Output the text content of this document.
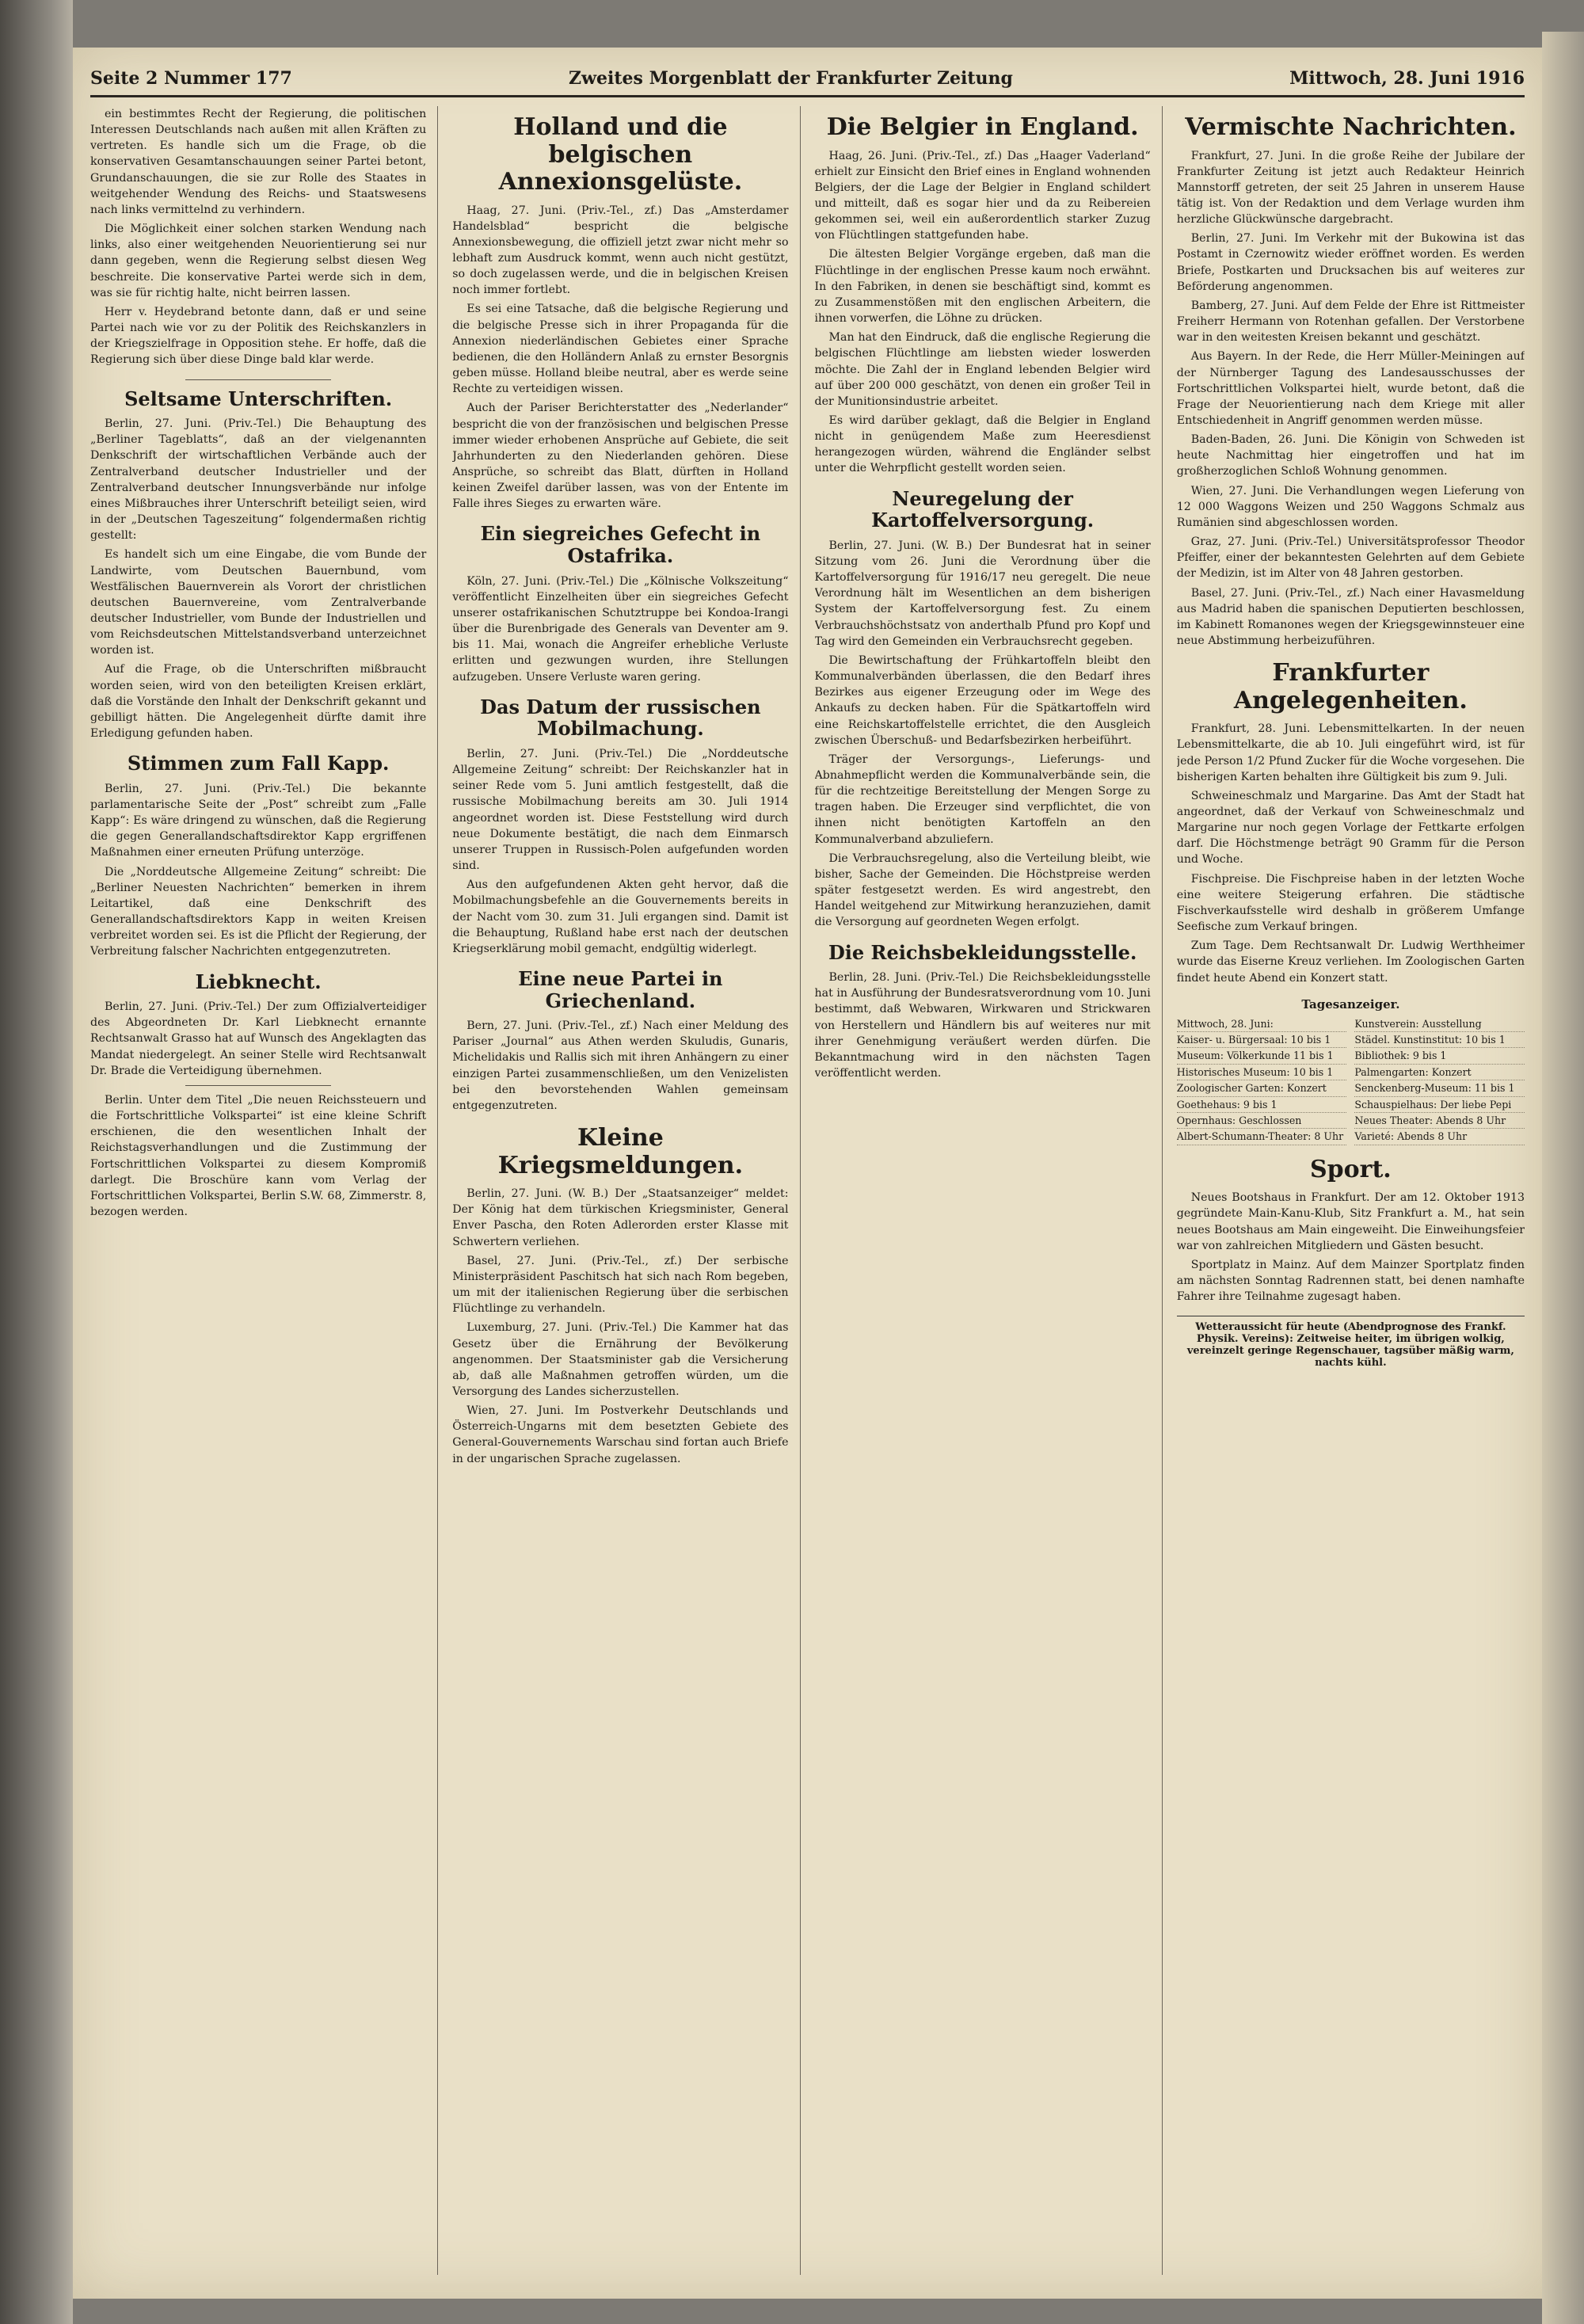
Seite 2 Nummer 177	Zweites Morgenblatt der Frankfurter Zeitung	Mittwoch, 28. Juni 1916

ein bestimmtes Recht der Regierung, die politischen Interessen Deutschlands nach außen mit allen Kräften zu vertreten. Es handle sich um die Frage, ob die konservativen Gesamtanschauungen seiner Partei betont, Grundanschauungen, die sie zur Rolle des Staates in weitgehender Wendung des Reichs- und Staatswesens nach links vermittelnd zu verhindern.

Die Möglichkeit einer solchen starken Wendung nach links, also einer weitgehenden Neuorientierung sei nur dann gegeben, wenn die Regierung selbst diesen Weg beschreite. Die konservative Partei werde sich in dem, was sie für richtig halte, nicht beirren lassen.

Herr v. Heydebrand betonte dann, daß er und seine Partei nach wie vor zu der Politik des Reichskanzlers in der Kriegszielfrage in Opposition stehe. Er hoffe, daß die Regierung sich über diese Dinge bald klar werde.

Seltsame Unterschriften.

Berlin, 27. Juni. (Priv.-Tel.) Die Behauptung des „Berliner Tageblatts“, daß an der vielgenannten Denkschrift der wirtschaftlichen Verbände auch der Zentralverband deutscher Industrieller und der Zentralverband deutscher Innungsverbände nur infolge eines Mißbrauches ihrer Unterschrift beteiligt seien, wird in der „Deutschen Tageszeitung“ folgendermaßen richtig gestellt:

Es handelt sich um eine Eingabe, die vom Bunde der Landwirte, vom Deutschen Bauernbund, vom Westfälischen Bauernverein als Vorort der christlichen deutschen Bauernvereine, vom Zentralverbande deutscher Industrieller, vom Bunde der Industriellen und vom Reichsdeutschen Mittelstandsverband unterzeichnet worden ist.

Auf die Frage, ob die Unterschriften mißbraucht worden seien, wird von den beteiligten Kreisen erklärt, daß die Vorstände den Inhalt der Denkschrift gekannt und gebilligt hätten. Die Angelegenheit dürfte damit ihre Erledigung gefunden haben.

Stimmen zum Fall Kapp.

Berlin, 27. Juni. (Priv.-Tel.) Die bekannte parlamentarische Seite der „Post“ schreibt zum „Falle Kapp“: Es wäre dringend zu wünschen, daß die Regierung die gegen Generallandschaftsdirektor Kapp ergriffenen Maßnahmen einer erneuten Prüfung unterzöge.

Die „Norddeutsche Allgemeine Zeitung“ schreibt: Die „Berliner Neuesten Nachrichten“ bemerken in ihrem Leitartikel, daß eine Denkschrift des Generallandschaftsdirektors Kapp in weiten Kreisen verbreitet worden sei. Es ist die Pflicht der Regierung, der Verbreitung falscher Nachrichten entgegenzutreten.

Liebknecht.

Berlin, 27. Juni. (Priv.-Tel.) Der zum Offizialverteidiger des Abgeordneten Dr. Karl Liebknecht ernannte Rechtsanwalt Grasso hat auf Wunsch des Angeklagten das Mandat niedergelegt. An seiner Stelle wird Rechtsanwalt Dr. Brade die Verteidigung übernehmen.

Berlin. Unter dem Titel „Die neuen Reichssteuern und die Fortschrittliche Volkspartei“ ist eine kleine Schrift erschienen, die den wesentlichen Inhalt der Reichstagsverhandlungen und die Zustimmung der Fortschrittlichen Volkspartei zu diesem Kompromiß darlegt. Die Broschüre kann vom Verlag der Fortschrittlichen Volkspartei, Berlin S.W. 68, Zimmerstr. 8, bezogen werden.

Holland und die belgischen Annexionsgelüste.

Haag, 27. Juni. (Priv.-Tel., zf.) Das „Amsterdamer Handelsblad“ bespricht die belgische Annexionsbewegung, die offiziell jetzt zwar nicht mehr so lebhaft zum Ausdruck kommt, wenn auch nicht gestützt, so doch zugelassen werde, und die in belgischen Kreisen noch immer fortlebt.

Es sei eine Tatsache, daß die belgische Regierung und die belgische Presse sich in ihrer Propaganda für die Annexion niederländischen Gebietes einer Sprache bedienen, die den Holländern Anlaß zu ernster Besorgnis geben müsse. Holland bleibe neutral, aber es werde seine Rechte zu verteidigen wissen.

Auch der Pariser Berichterstatter des „Nederlander“ bespricht die von der französischen und belgischen Presse immer wieder erhobenen Ansprüche auf Gebiete, die seit Jahrhunderten zu den Niederlanden gehören. Diese Ansprüche, so schreibt das Blatt, dürften in Holland keinen Zweifel darüber lassen, was von der Entente im Falle ihres Sieges zu erwarten wäre.

Ein siegreiches Gefecht in Ostafrika.

Köln, 27. Juni. (Priv.-Tel.) Die „Kölnische Volkszeitung“ veröffentlicht Einzelheiten über ein siegreiches Gefecht unserer ostafrikanischen Schutztruppe bei Kondoa-Irangi über die Burenbrigade des Generals van Deventer am 9. bis 11. Mai, wonach die Angreifer erhebliche Verluste erlitten und gezwungen wurden, ihre Stellungen aufzugeben. Unsere Verluste waren gering.

Das Datum der russischen Mobilmachung.

Berlin, 27. Juni. (Priv.-Tel.) Die „Norddeutsche Allgemeine Zeitung“ schreibt: Der Reichskanzler hat in seiner Rede vom 5. Juni amtlich festgestellt, daß die russische Mobilmachung bereits am 30. Juli 1914 angeordnet worden ist. Diese Feststellung wird durch neue Dokumente bestätigt, die nach dem Einmarsch unserer Truppen in Russisch-Polen aufgefunden worden sind.

Aus den aufgefundenen Akten geht hervor, daß die Mobilmachungsbefehle an die Gouvernements bereits in der Nacht vom 30. zum 31. Juli ergangen sind. Damit ist die Behauptung, Rußland habe erst nach der deutschen Kriegserklärung mobil gemacht, endgültig widerlegt.

Eine neue Partei in Griechenland.

Bern, 27. Juni. (Priv.-Tel., zf.) Nach einer Meldung des Pariser „Journal“ aus Athen werden Skuludis, Gunaris, Michelidakis und Rallis sich mit ihren Anhängern zu einer einzigen Partei zusammenschließen, um den Venizelisten bei den bevorstehenden Wahlen gemeinsam entgegenzutreten.

Kleine Kriegsmeldungen.

Berlin, 27. Juni. (W. B.) Der „Staatsanzeiger“ meldet: Der König hat dem türkischen Kriegsminister, General Enver Pascha, den Roten Adlerorden erster Klasse mit Schwertern verliehen.

Basel, 27. Juni. (Priv.-Tel., zf.) Der serbische Ministerpräsident Paschitsch hat sich nach Rom begeben, um mit der italienischen Regierung über die serbischen Flüchtlinge zu verhandeln.

Luxemburg, 27. Juni. (Priv.-Tel.) Die Kammer hat das Gesetz über die Ernährung der Bevölkerung angenommen. Der Staatsminister gab die Versicherung ab, daß alle Maßnahmen getroffen würden, um die Versorgung des Landes sicherzustellen.

Wien, 27. Juni. Im Postverkehr Deutschlands und Österreich-Ungarns mit dem besetzten Gebiete des General-Gouvernements Warschau sind fortan auch Briefe in der ungarischen Sprache zugelassen.

Die Belgier in England.

Haag, 26. Juni. (Priv.-Tel., zf.) Das „Haager Vaderland“ erhielt zur Einsicht den Brief eines in England wohnenden Belgiers, der die Lage der Belgier in England schildert und mitteilt, daß es sogar hier und da zu Reibereien gekommen sei, weil ein außerordentlich starker Zuzug von Flüchtlingen stattgefunden habe.

Die ältesten Belgier Vorgänge ergeben, daß man die Flüchtlinge in der englischen Presse kaum noch erwähnt. In den Fabriken, in denen sie beschäftigt sind, kommt es zu Zusammenstößen mit den englischen Arbeitern, die ihnen vorwerfen, die Löhne zu drücken.

Man hat den Eindruck, daß die englische Regierung die belgischen Flüchtlinge am liebsten wieder loswerden möchte. Die Zahl der in England lebenden Belgier wird auf über 200 000 geschätzt, von denen ein großer Teil in der Munitionsindustrie arbeitet.

Es wird darüber geklagt, daß die Belgier in England nicht in genügendem Maße zum Heeresdienst herangezogen würden, während die Engländer selbst unter die Wehrpflicht gestellt worden seien.

Neuregelung der Kartoffelversorgung.

Berlin, 27. Juni. (W. B.) Der Bundesrat hat in seiner Sitzung vom 26. Juni die Verordnung über die Kartoffelversorgung für 1916/17 neu geregelt. Die neue Verordnung hält im Wesentlichen an dem bisherigen System der Kartoffelversorgung fest. Zu einem Verbrauchshöchstsatz von anderthalb Pfund pro Kopf und Tag wird den Gemeinden ein Verbrauchsrecht gegeben.

Die Bewirtschaftung der Frühkartoffeln bleibt den Kommunalverbänden überlassen, die den Bedarf ihres Bezirkes aus eigener Erzeugung oder im Wege des Ankaufs zu decken haben. Für die Spätkartoffeln wird eine Reichskartoffelstelle errichtet, die den Ausgleich zwischen Überschuß- und Bedarfsbezirken herbeiführt.

Träger der Versorgungs-, Lieferungs- und Abnahmepflicht werden die Kommunalverbände sein, die für die rechtzeitige Bereitstellung der Mengen Sorge zu tragen haben. Die Erzeuger sind verpflichtet, die von ihnen nicht benötigten Kartoffeln an den Kommunalverband abzuliefern.

Die Verbrauchsregelung, also die Verteilung bleibt, wie bisher, Sache der Gemeinden. Die Höchstpreise werden später festgesetzt werden. Es wird angestrebt, den Handel weitgehend zur Mitwirkung heranzuziehen, damit die Versorgung auf geordneten Wegen erfolgt.

Die Reichsbekleidungsstelle.

Berlin, 28. Juni. (Priv.-Tel.) Die Reichsbekleidungsstelle hat in Ausführung der Bundesratsverordnung vom 10. Juni bestimmt, daß Webwaren, Wirkwaren und Strickwaren von Herstellern und Händlern bis auf weiteres nur mit ihrer Genehmigung veräußert werden dürfen. Die Bekanntmachung wird in den nächsten Tagen veröffentlicht werden.

Vermischte Nachrichten.

Frankfurt, 27. Juni. In die große Reihe der Jubilare der Frankfurter Zeitung ist jetzt auch Redakteur Heinrich Mannstorff getreten, der seit 25 Jahren in unserem Hause tätig ist. Von der Redaktion und dem Verlage wurden ihm herzliche Glückwünsche dargebracht.

Berlin, 27. Juni. Im Verkehr mit der Bukowina ist das Postamt in Czernowitz wieder eröffnet worden. Es werden Briefe, Postkarten und Drucksachen bis auf weiteres zur Beförderung angenommen.

Bamberg, 27. Juni. Auf dem Felde der Ehre ist Rittmeister Freiherr Hermann von Rotenhan gefallen. Der Verstorbene war in den weitesten Kreisen bekannt und geschätzt.

Aus Bayern. In der Rede, die Herr Müller-Meiningen auf der Nürnberger Tagung des Landesausschusses der Fortschrittlichen Volkspartei hielt, wurde betont, daß die Frage der Neuorientierung nach dem Kriege mit aller Entschiedenheit in Angriff genommen werden müsse.

Baden-Baden, 26. Juni. Die Königin von Schweden ist heute Nachmittag hier eingetroffen und hat im großherzoglichen Schloß Wohnung genommen.

Wien, 27. Juni. Die Verhandlungen wegen Lieferung von 12 000 Waggons Weizen und 250 Waggons Schmalz aus Rumänien sind abgeschlossen worden.

Graz, 27. Juni. (Priv.-Tel.) Universitätsprofessor Theodor Pfeiffer, einer der bekanntesten Gelehrten auf dem Gebiete der Medizin, ist im Alter von 48 Jahren gestorben.

Basel, 27. Juni. (Priv.-Tel., zf.) Nach einer Havasmeldung aus Madrid haben die spanischen Deputierten beschlossen, im Kabinett Romanones wegen der Kriegsgewinnsteuer eine neue Abstimmung herbeizuführen.

Frankfurter Angelegenheiten.

Frankfurt, 28. Juni. Lebensmittelkarten. In der neuen Lebensmittelkarte, die ab 10. Juli eingeführt wird, ist für jede Person 1/2 Pfund Zucker für die Woche vorgesehen. Die bisherigen Karten behalten ihre Gültigkeit bis zum 9. Juli.

Schweineschmalz und Margarine. Das Amt der Stadt hat angeordnet, daß der Verkauf von Schweineschmalz und Margarine nur noch gegen Vorlage der Fettkarte erfolgen darf. Die Höchstmenge beträgt 90 Gramm für die Person und Woche.

Fischpreise. Die Fischpreise haben in der letzten Woche eine weitere Steigerung erfahren. Die städtische Fischverkaufsstelle wird deshalb in größerem Umfange Seefische zum Verkauf bringen.

Zum Tage. Dem Rechtsanwalt Dr. Ludwig Werthheimer wurde das Eiserne Kreuz verliehen. Im Zoologischen Garten findet heute Abend ein Konzert statt.

Tagesanzeiger.
Mittwoch, 28. Juni:	Kunstverein: Ausstellung
Kaiser- u. Bürgersaal: 10 bis 1	Städel. Kunstinstitut: 10 bis 1
Museum: Völkerkunde 11 bis 1	Bibliothek: 9 bis 1
Historisches Museum: 10 bis 1	Palmengarten: Konzert
Zoologischer Garten: Konzert	Senckenberg-Museum: 11 bis 1
Goethehaus: 9 bis 1	Schauspielhaus: Der liebe Pepi
Opernhaus: Geschlossen	Neues Theater: Abends 8 Uhr
Albert-Schumann-Theater: 8 Uhr	Varieté: Abends 8 Uhr
Sport.

Neues Bootshaus in Frankfurt. Der am 12. Oktober 1913 gegründete Main-Kanu-Klub, Sitz Frankfurt a. M., hat sein neues Bootshaus am Main eingeweiht. Die Einweihungsfeier war von zahlreichen Mitgliedern und Gästen besucht.

Sportplatz in Mainz. Auf dem Mainzer Sportplatz finden am nächsten Sonntag Radrennen statt, bei denen namhafte Fahrer ihre Teilnahme zugesagt haben.

Wetteraussicht für heute (Abendprognose des Frankf. Physik. Vereins): Zeitweise heiter, im übrigen wolkig, vereinzelt geringe Regenschauer, tagsüber mäßig warm, nachts kühl.
